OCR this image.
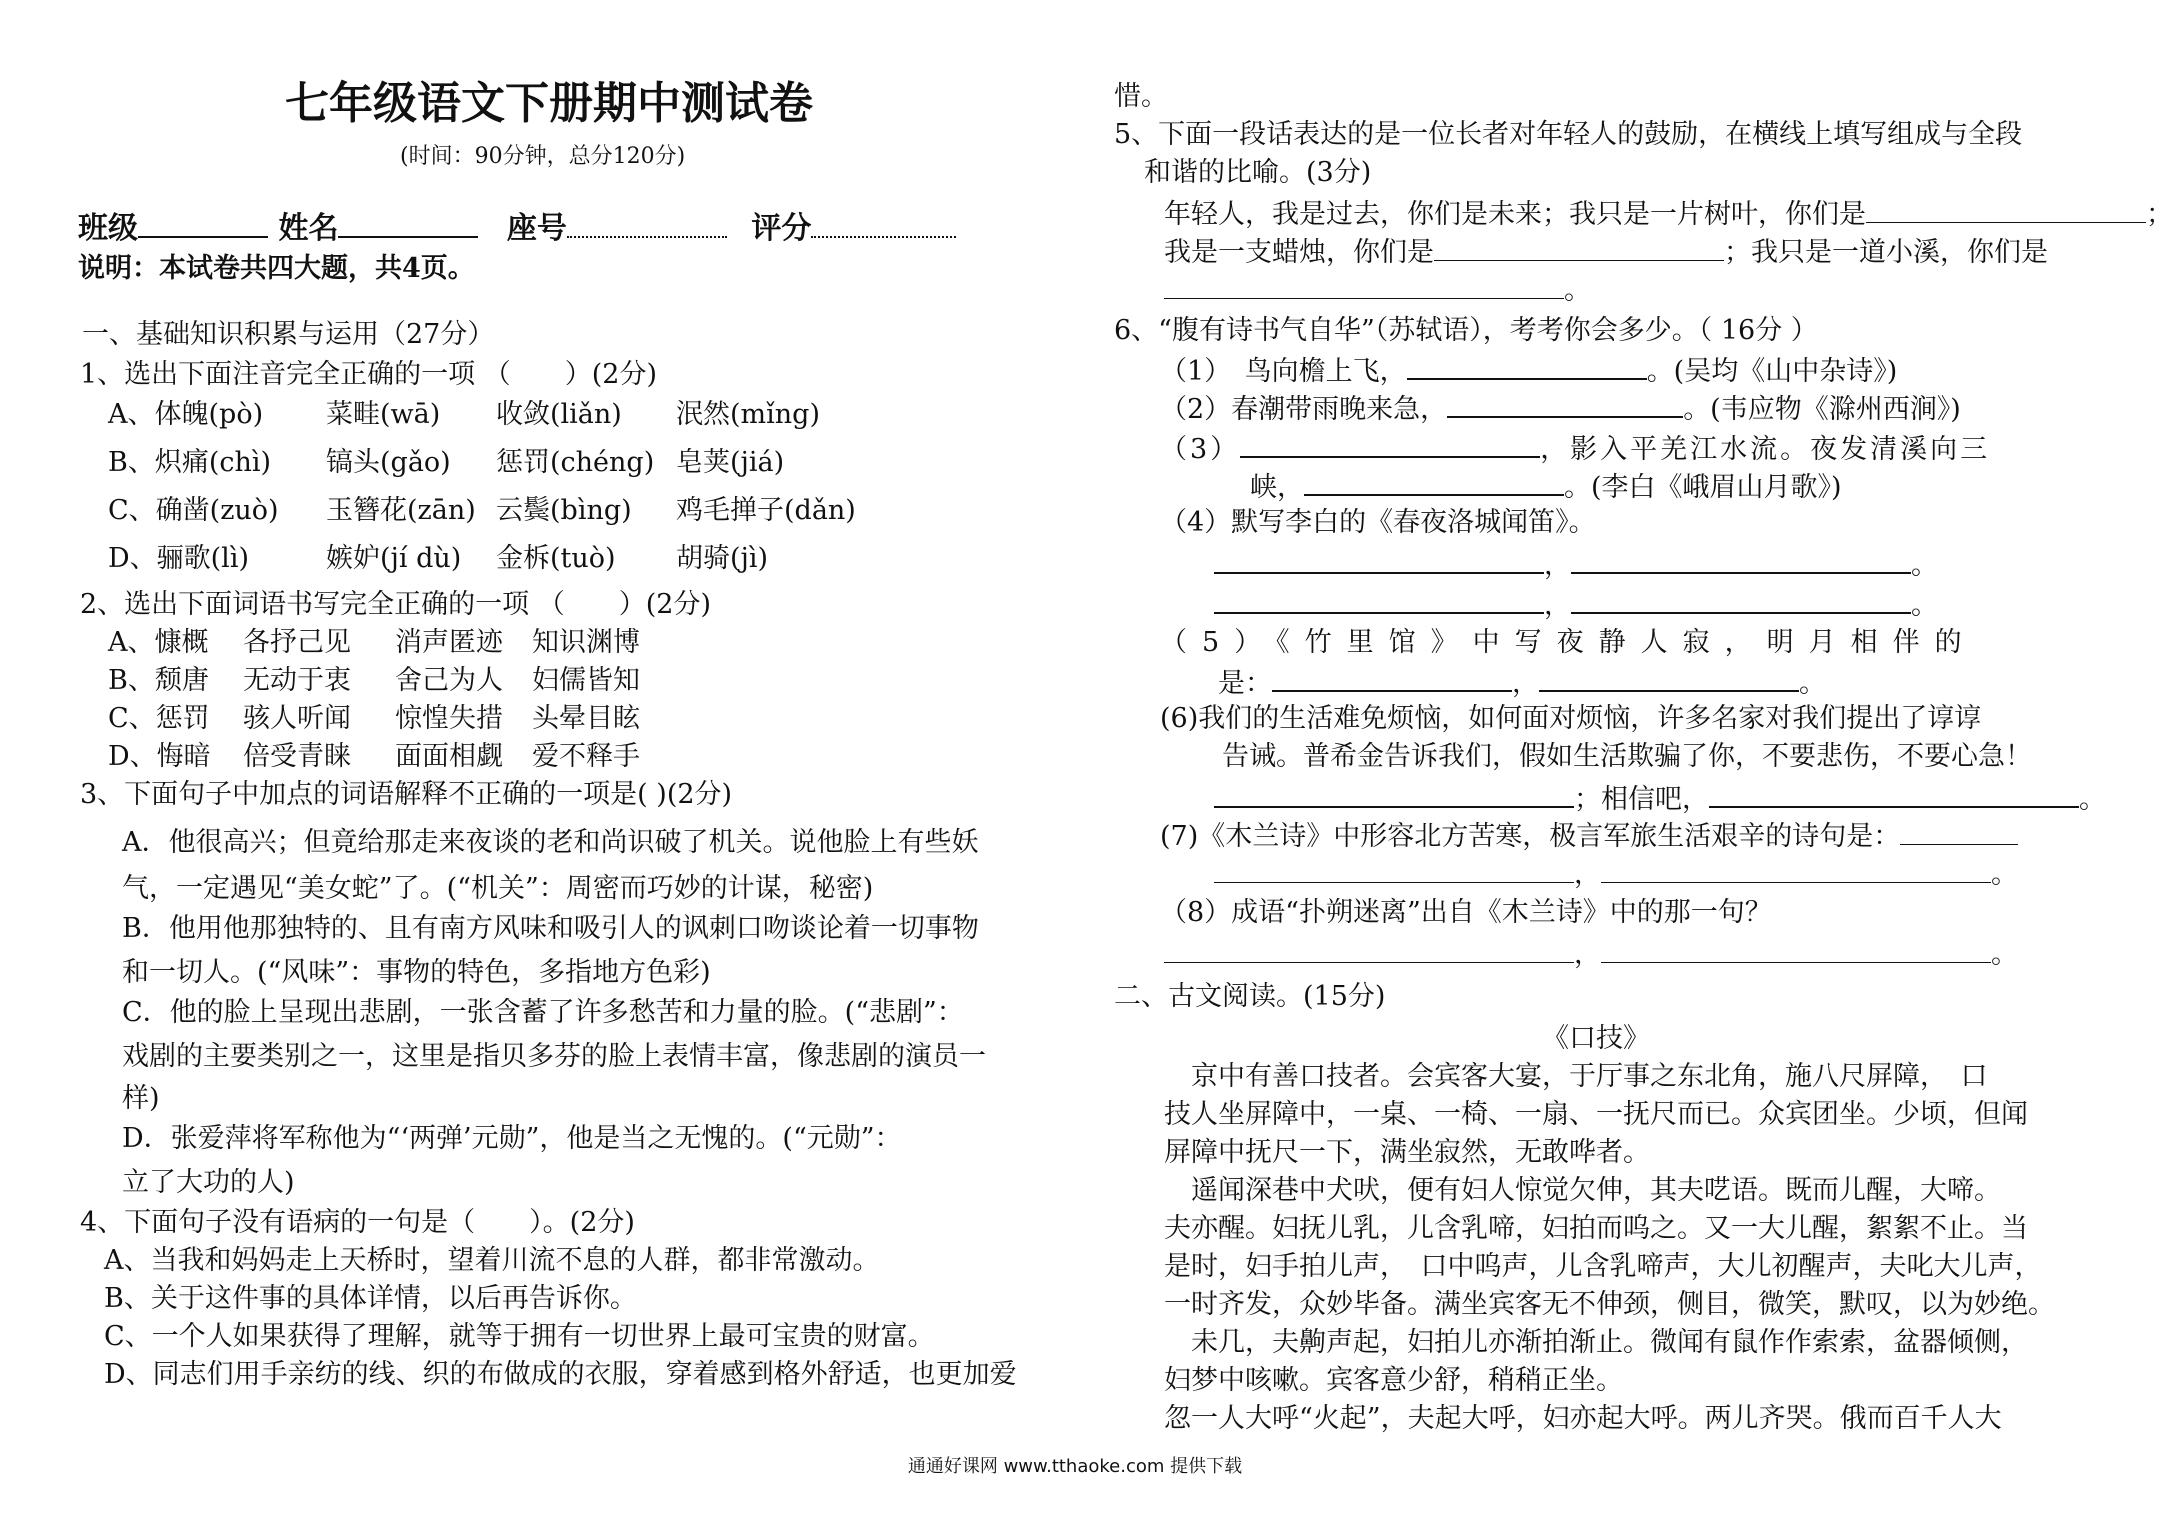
七年级语文下册期中测试卷
(时间：90分钟，总分120分)
班级	姓名	座号	评分
说明：本试卷共四大题，共4页。
一、基础知识积累与运用（27分）
1、选出下面注音完全正确的一项 （　　）(2分)
A、体魄(pò) 菜畦(wā) 收敛(liǎn) 泯然(mǐng)
B、炽痛(chì) 镐头(gǎo) 惩罚(chéng) 皂荚(jiá)
C、确凿(zuò) 玉簪花(zān) 云鬓(bìng) 鸡毛掸子(dǎn)
D、骊歌(lì)	嫉妒(jí dù) 金柝(tuò) 胡骑(jì)
2、选出下面词语书写完全正确的一项 （　　）(2分)
A、慷概 各抒己见 消声匿迹 知识渊博
B、颓唐 无动于衷 舍己为人 妇儒皆知
C、惩罚 骇人听闻 惊惶失措 头晕目眩
D、悔暗 倍受青睐 面面相觑 爱不释手
3、下面句子中加点的词语解释不正确的一项是( )(2分)
A．他很高兴；但竟给那走来夜谈的老和尚识破了机关。说他脸上有些妖
气，一定遇见“美女蛇”了。(“机关”：周密而巧妙的计谋，秘密)
B．他用他那独特的、且有南方风味和吸引人的讽刺口吻谈论着一切事物
和一切人。(“风味”：事物的特色，多指地方色彩)
C．他的脸上呈现出悲剧，一张含蓄了许多愁苦和力量的脸。(“悲剧”：
戏剧的主要类别之一，这里是指贝多芬的脸上表情丰富，像悲剧的演员一
样)
D．张爱萍将军称他为“‘两弹’元勋”，他是当之无愧的。(“元勋”：
立了大功的人)
4、下面句子没有语病的一句是（　　）。(2分)
A、当我和妈妈走上天桥时，望着川流不息的人群，都非常激动。
B、关于这件事的具体详情，以后再告诉你。
C、一个人如果获得了理解，就等于拥有一切世界上最可宝贵的财富。
D、同志们用手亲纺的线、织的布做成的衣服，穿着感到格外舒适，也更加爱
惜。
5、下面一段话表达的是一位长者对年轻人的鼓励，在横线上填写组成与全段
和谐的比喻。(3分)
年轻人，我是过去，你们是未来；我只是一片树叶，你们是	；
我是一支蜡烛，你们是	；我只是一道小溪，你们是
。
6、“腹有诗书气自华”（苏轼语），考考你会多少。（ 16分 ）
（1）　鸟向檐上飞，	。(吴均《山中杂诗》)
（2）春潮带雨晚来急，	。(韦应物《滁州西涧》)
（3）	，影入平羌江水流。夜发清溪向三
峡，	。(李白《峨眉山月歌》)
（4）默写李白的《春夜洛城闻笛》。
，	。
，	。
（5）《竹里馆》中写夜静人寂，明月相伴的
是：	，	。
(6)我们的生活难免烦恼，如何面对烦恼，许多名家对我们提出了谆谆
告诫。普希金告诉我们，假如生活欺骗了你，不要悲伤，不要心急！
；相信吧，	。
(7)《木兰诗》中形容北方苦寒，极言军旅生活艰辛的诗句是：
，	。
（8）成语“扑朔迷离”出自《木兰诗》中的那一句？
，	。
二、古文阅读。(15分)
《口技》
　京中有善口技者。会宾客大宴，于厅事之东北角，施八尺屏障，　口
技人坐屏障中，一桌、一椅、一扇、一抚尺而已。众宾团坐。少顷，但闻
屏障中抚尺一下，满坐寂然，无敢哗者。
　遥闻深巷中犬吠，便有妇人惊觉欠伸，其夫呓语。既而儿醒，大啼。
夫亦醒。妇抚儿乳，儿含乳啼，妇拍而呜之。又一大儿醒，絮絮不止。当
是时，妇手拍儿声，　口中呜声，儿含乳啼声，大儿初醒声，夫叱大儿声，
一时齐发，众妙毕备。满坐宾客无不伸颈，侧目，微笑，默叹，以为妙绝。
　未几，夫齁声起，妇拍儿亦渐拍渐止。微闻有鼠作作索索，盆器倾侧，
妇梦中咳嗽。宾客意少舒，稍稍正坐。
忽一人大呼“火起”，夫起大呼，妇亦起大呼。两儿齐哭。俄而百千人大
通通好课网 www.tthaoke.com 提供下载
